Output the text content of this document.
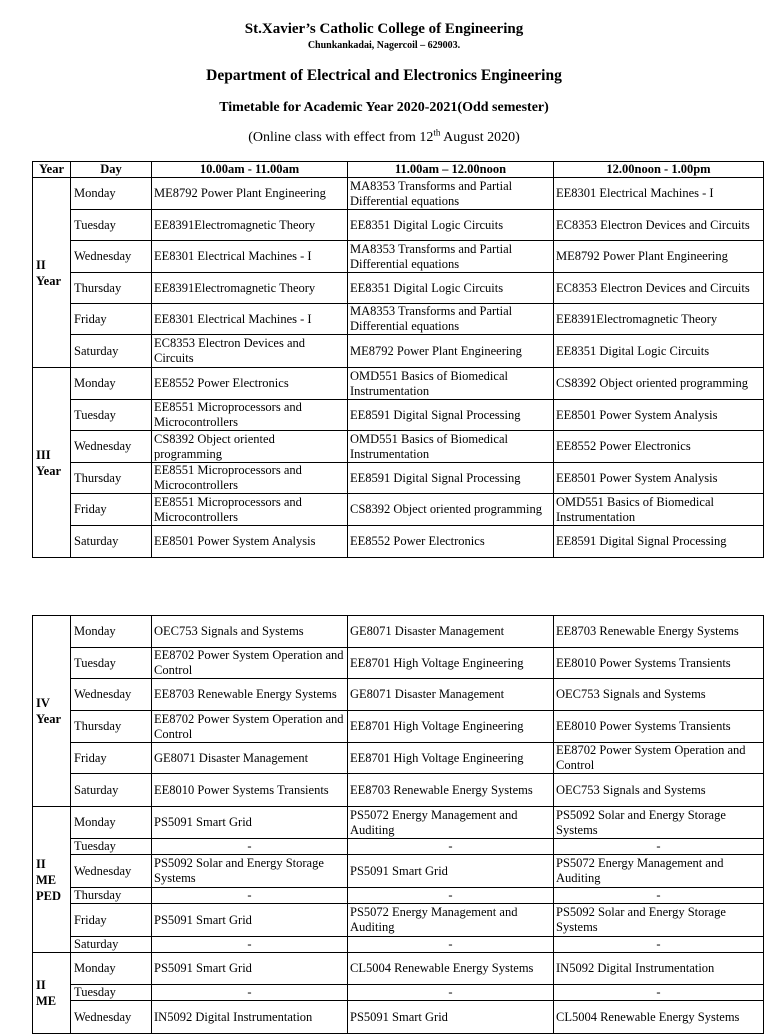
St.Xavier’s Catholic College of Engineering
Chunkankadai, Nagercoil – 629003.
Department of Electrical and Electronics Engineering
Timetable for Academic Year 2020-2021(Odd semester)
(Online class with effect from 12th August 2020)
Year	Day	10.00am - 11.00am	11.00am – 12.00noon	12.00noon - 1.00pm
II
Year	Monday	ME8792 Power Plant Engineering	MA8353 Transforms and Partial Differential equations	EE8301 Electrical Machines - I
	Tuesday	EE8391Electromagnetic Theory	EE8351 Digital Logic Circuits	EC8353 Electron Devices and Circuits
	Wednesday	EE8301 Electrical Machines - I	MA8353 Transforms and Partial Differential equations	ME8792 Power Plant Engineering
	Thursday	EE8391Electromagnetic Theory	EE8351 Digital Logic Circuits	EC8353 Electron Devices and Circuits
	Friday	EE8301 Electrical Machines - I	MA8353 Transforms and Partial Differential equations	EE8391Electromagnetic Theory
	Saturday	EC8353 Electron Devices and Circuits	ME8792 Power Plant Engineering	EE8351 Digital Logic Circuits
III
Year	Monday	EE8552 Power Electronics	OMD551 Basics of Biomedical Instrumentation	CS8392 Object oriented programming
	Tuesday	EE8551 Microprocessors and Microcontrollers	EE8591 Digital Signal Processing	EE8501 Power System Analysis
	Wednesday	CS8392 Object oriented programming	OMD551 Basics of Biomedical Instrumentation	EE8552 Power Electronics
	Thursday	EE8551 Microprocessors and Microcontrollers	EE8591 Digital Signal Processing	EE8501 Power System Analysis
	Friday	EE8551 Microprocessors and Microcontrollers	CS8392 Object oriented programming	OMD551 Basics of Biomedical Instrumentation
	Saturday	EE8501 Power System Analysis	EE8552 Power Electronics	EE8591 Digital Signal Processing
IV
Year	Monday	OEC753 Signals and Systems	GE8071 Disaster Management	EE8703 Renewable Energy Systems
	Tuesday	EE8702 Power System Operation and Control	EE8701 High Voltage Engineering	EE8010 Power Systems Transients
	Wednesday	EE8703 Renewable Energy Systems	GE8071 Disaster Management	OEC753 Signals and Systems
	Thursday	EE8702 Power System Operation and Control	EE8701 High Voltage Engineering	EE8010 Power Systems Transients
	Friday	GE8071 Disaster Management	EE8701 High Voltage Engineering	EE8702 Power System Operation and Control
	Saturday	EE8010 Power Systems Transients	EE8703 Renewable Energy Systems	OEC753 Signals and Systems
II
ME
PED	Monday	PS5091 Smart Grid	PS5072 Energy Management and Auditing	PS5092 Solar and Energy Storage Systems
	Tuesday	-	-	-
	Wednesday	PS5092 Solar and Energy Storage Systems	PS5091 Smart Grid	PS5072 Energy Management and Auditing
	Thursday	-	-	-
	Friday	PS5091 Smart Grid	PS5072 Energy Management and Auditing	PS5092 Solar and Energy Storage Systems
	Saturday	-	-	-
II
ME	Monday	PS5091 Smart Grid	CL5004 Renewable Energy Systems	IN5092 Digital Instrumentation
	Tuesday	-	-	-
	Wednesday	IN5092 Digital Instrumentation	PS5091 Smart Grid	CL5004 Renewable Energy Systems
